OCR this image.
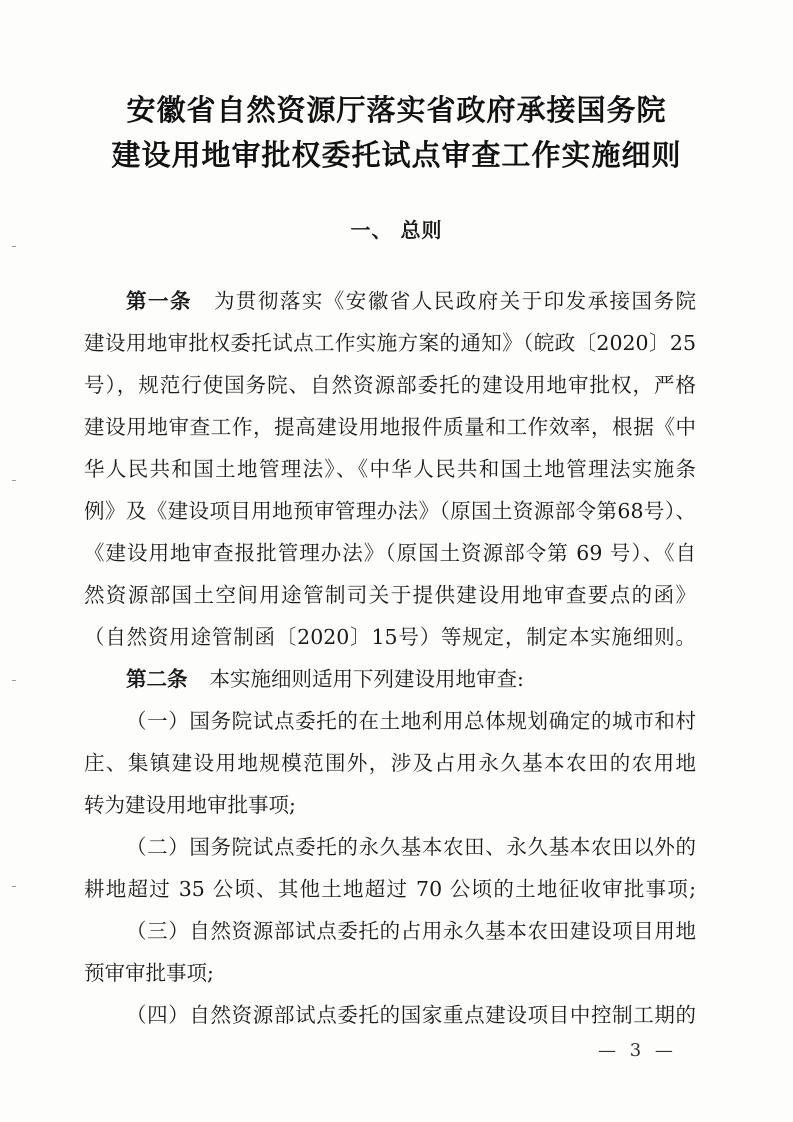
安徽省自然资源厅落实省政府承接国务院
建设用地审批权委托试点审查工作实施细则
一、 总则
第一条 为贯彻落实《安徽省人民政府关于印发承接国务院
建设用地审批权委托试点工作实施方案的通知》（皖政〔2020〕25
号），规范行使国务院、自然资源部委托的建设用地审批权，严格
建设用地审查工作，提高建设用地报件质量和工作效率，根据《中
华人民共和国土地管理法》、《中华人民共和国土地管理法实施条
例》及《建设项目用地预审管理办法》（原国土资源部令第68号）、
《建设用地审查报批管理办法》（原国土资源部令第 69 号）、《自
然资源部国土空间用途管制司关于提供建设用地审查要点的函》
（自然资用途管制函〔2020〕15号）等规定，制定本实施细则。
第二条 本实施细则适用下列建设用地审查:
（一）国务院试点委托的在土地利用总体规划确定的城市和村
庄、集镇建设用地规模范围外，涉及占用永久基本农田的农用地
转为建设用地审批事项;
（二）国务院试点委托的永久基本农田、永久基本农田以外的
耕地超过 35 公顷、其他土地超过 70 公顷的土地征收审批事项;
（三）自然资源部试点委托的占用永久基本农田建设项目用地
预审审批事项;
（四）自然资源部试点委托的国家重点建设项目中控制工期的
— 3 —
